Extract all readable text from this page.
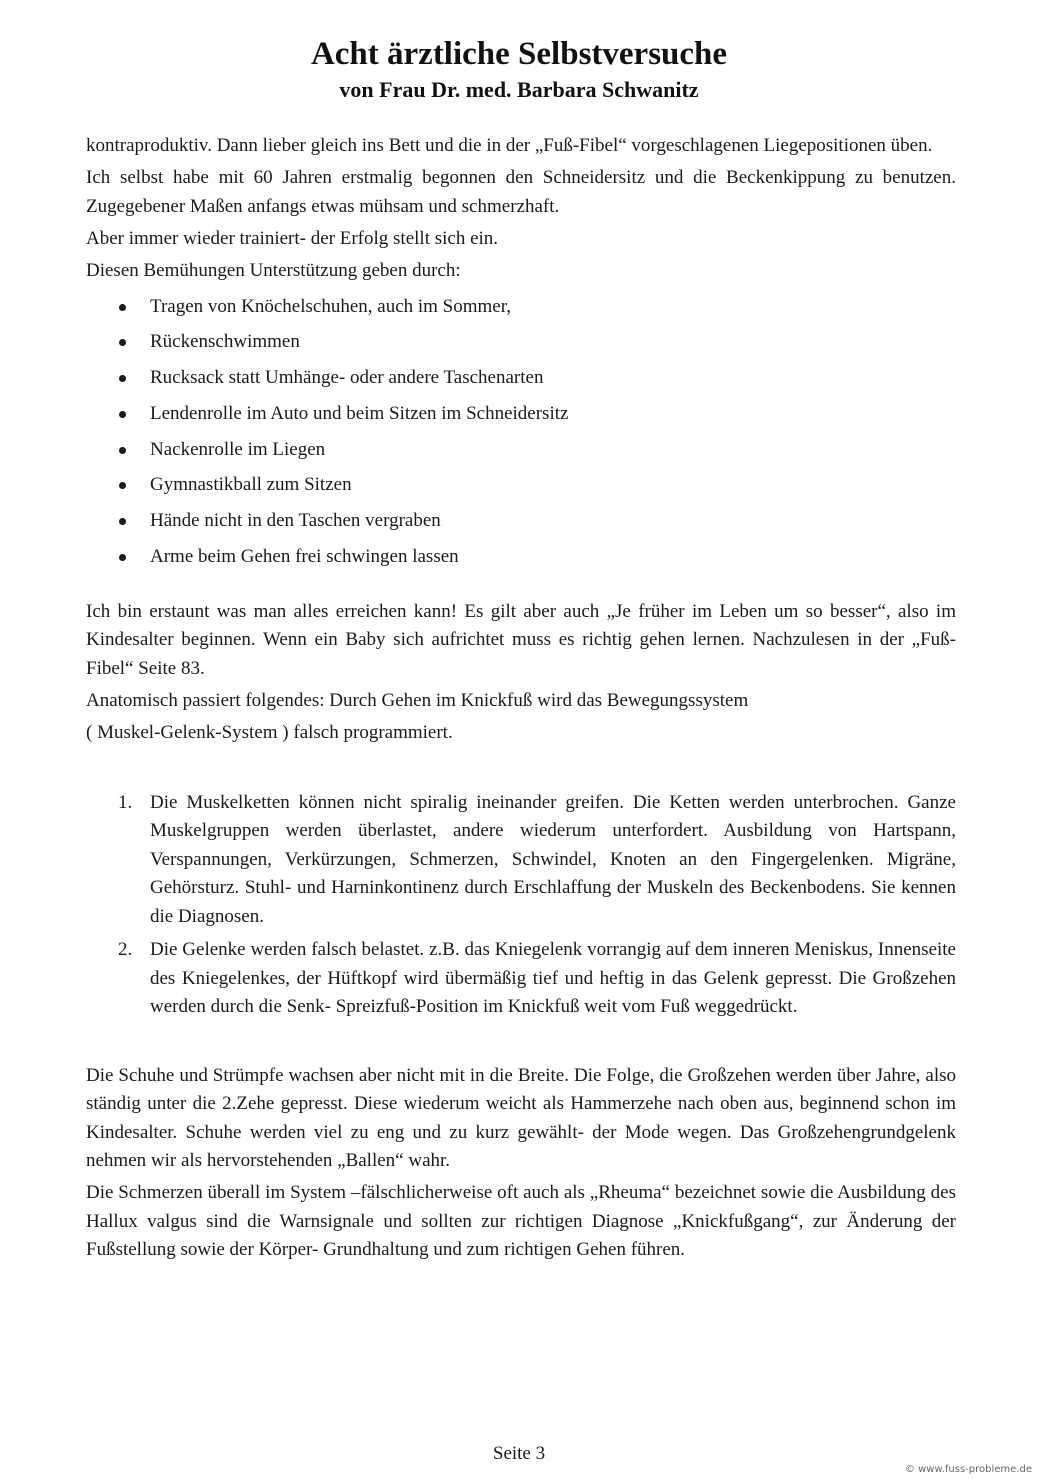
Acht ärztliche Selbstversuche
von Frau Dr. med. Barbara Schwanitz

kontraproduktiv. Dann lieber gleich ins Bett und die in der „Fuß-Fibel“ vorgeschlagenen Liegepositionen üben.

Ich selbst habe mit 60 Jahren erstmalig begonnen den Schneidersitz und die Beckenkippung zu benutzen. Zugegebener Maßen anfangs etwas mühsam und schmerzhaft.

Aber immer wieder trainiert- der Erfolg stellt sich ein.

Diesen Bemühungen Unterstützung geben durch:

Tragen von Knöchelschuhen, auch im Sommer,
Rückenschwimmen
Rucksack statt Umhänge- oder andere Taschenarten
Lendenrolle im Auto und beim Sitzen im Schneidersitz
Nackenrolle im Liegen
Gymnastikball zum Sitzen
Hände nicht in den Taschen vergraben
Arme beim Gehen frei schwingen lassen

Ich bin erstaunt was man alles erreichen kann! Es gilt aber auch „Je früher im Leben um so besser“, also im Kindesalter beginnen. Wenn ein Baby sich aufrichtet muss es richtig gehen lernen. Nachzulesen in der „Fuß-Fibel“ Seite 83.

Anatomisch passiert folgendes: Durch Gehen im Knickfuß wird das Bewegungssystem

( Muskel-Gelenk-System ) falsch programmiert.

1. Die Muskelketten können nicht spiralig ineinander greifen. Die Ketten werden unterbrochen. Ganze Muskelgruppen werden überlastet, andere wiederum unterfordert. Ausbildung von Hartspann, Verspannungen, Verkürzungen, Schmerzen, Schwindel, Knoten an den Fingergelenken. Migräne, Gehörsturz. Stuhl- und Harninkontinenz durch Erschlaffung der Muskeln des Beckenbodens. Sie kennen die Diagnosen.
2. Die Gelenke werden falsch belastet. z.B. das Kniegelenk vorrangig auf dem inneren Meniskus, Innenseite des Kniegelenkes, der Hüftkopf wird übermäßig tief und heftig in das Gelenk gepresst. Die Großzehen werden durch die Senk- Spreizfuß-Position im Knickfuß weit vom Fuß weggedrückt.

Die Schuhe und Strümpfe wachsen aber nicht mit in die Breite. Die Folge, die Großzehen werden über Jahre, also ständig unter die 2.Zehe gepresst. Diese wiederum weicht als Hammerzehe nach oben aus, beginnend schon im Kindesalter. Schuhe werden viel zu eng und zu kurz gewählt- der Mode wegen. Das Großzehengrundgelenk nehmen wir als hervorstehenden „Ballen“ wahr.

Die Schmerzen überall im System –fälschlicherweise oft auch als „Rheuma“ bezeichnet sowie die Ausbildung des Hallux valgus sind die Warnsignale und sollten zur richtigen Diagnose „Knickfußgang“, zur Änderung der Fußstellung sowie der Körper- Grundhaltung und zum richtigen Gehen führen.

Seite 3
© www.fuss-probleme.de
